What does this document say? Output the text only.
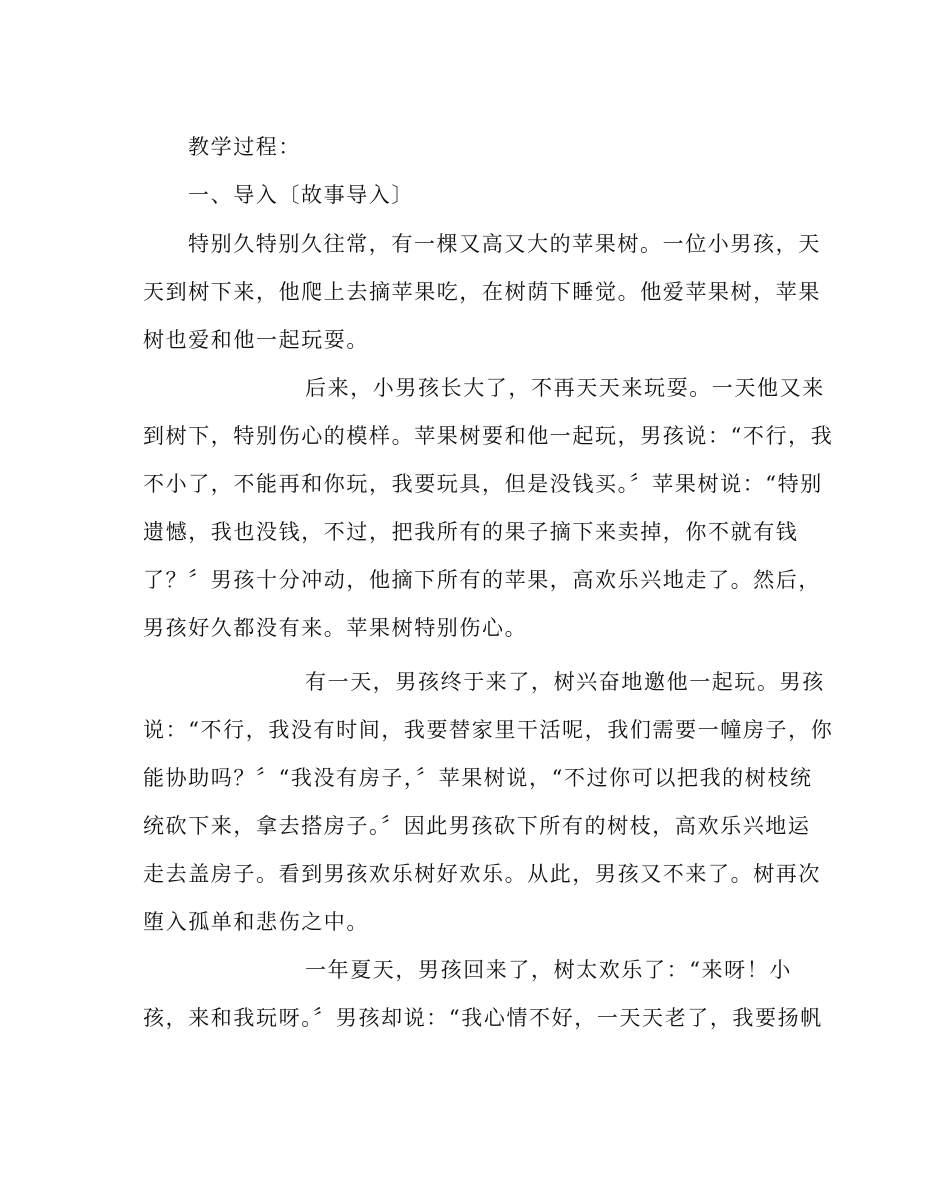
教学过程：
一、导入〔故事导入〕
特别久特别久往常，有一棵又高又大的苹果树。一位小男孩，天
天到树下来，他爬上去摘苹果吃，在树荫下睡觉。他爱苹果树，苹果
树也爱和他一起玩耍。
后来，小男孩长大了，不再天天来玩耍。一天他又来
到树下，特别伤心的模样。苹果树要和他一起玩，男孩说：“不行，我
不小了，不能再和你玩，我要玩具，但是没钱买。〞苹果树说：“特别
遗憾，我也没钱，不过，把我所有的果子摘下来卖掉，你不就有钱
了？〞男孩十分冲动，他摘下所有的苹果，高欢乐兴地走了。然后，
男孩好久都没有来。苹果树特别伤心。
有一天，男孩终于来了，树兴奋地邀他一起玩。男孩
说：“不行，我没有时间，我要替家里干活呢，我们需要一幢房子，你
能协助吗？〞“我没有房子，〞苹果树说，“不过你可以把我的树枝统
统砍下来，拿去搭房子。〞因此男孩砍下所有的树枝，高欢乐兴地运
走去盖房子。看到男孩欢乐树好欢乐。从此，男孩又不来了。树再次
堕入孤单和悲伤之中。
一年夏天，男孩回来了，树太欢乐了：“来呀！小
孩，来和我玩呀。〞男孩却说：“我心情不好，一天天老了，我要扬帆
